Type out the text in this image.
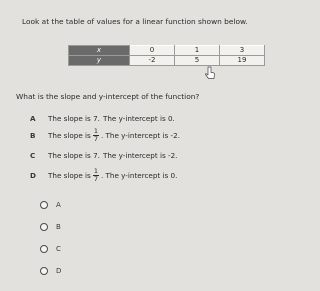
Look at the table of values for a linear function shown below.
x	0	1	3
y	-2	5	19
What is the slope and y-intercept of the function?
A	The slope is 7. The y-intercept is 0.
B	The slope is $\frac{1}{7}$ . The y-intercept is -2.
C	The slope is 7. The y-intercept is -2.
D	The slope is $\frac{1}{7}$ . The y-intercept is 0.
A
B
C
D
